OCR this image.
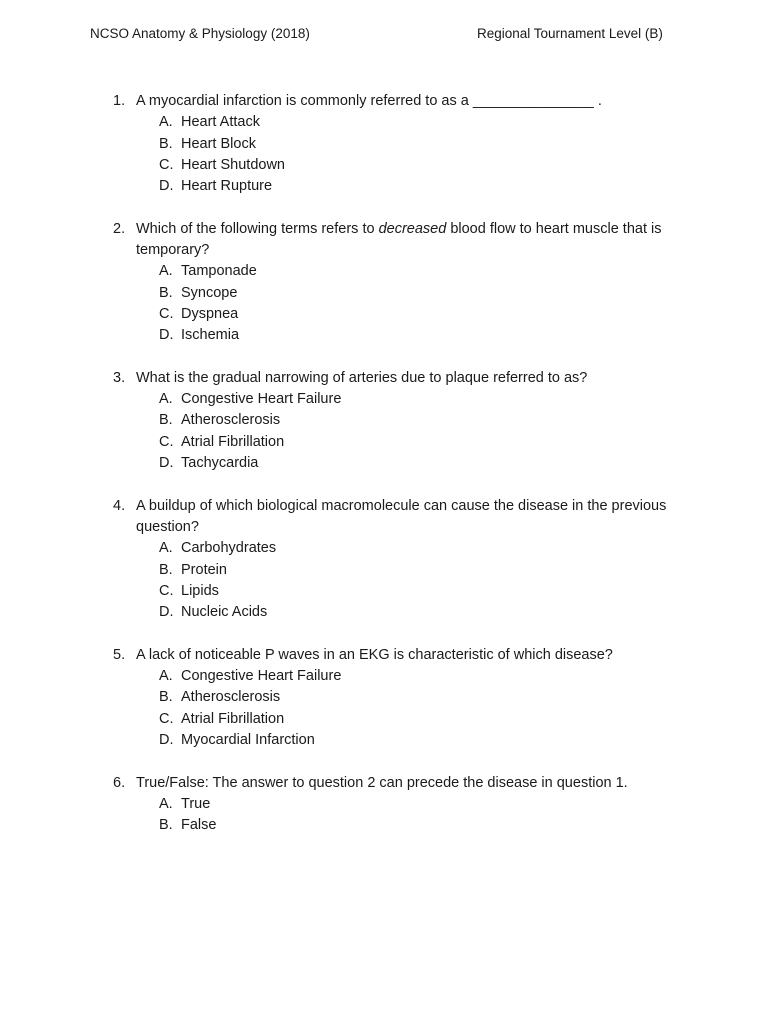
NCSO Anatomy & Physiology (2018)	Regional Tournament Level (B)
1. A myocardial infarction is commonly referred to as a _______________ .
A. Heart Attack
B. Heart Block
C. Heart Shutdown
D. Heart Rupture
2. Which of the following terms refers to decreased blood flow to heart muscle that is temporary?
A. Tamponade
B. Syncope
C. Dyspnea
D. Ischemia
3. What is the gradual narrowing of arteries due to plaque referred to as?
A. Congestive Heart Failure
B. Atherosclerosis
C. Atrial Fibrillation
D. Tachycardia
4. A buildup of which biological macromolecule can cause the disease in the previous question?
A. Carbohydrates
B. Protein
C. Lipids
D. Nucleic Acids
5. A lack of noticeable P waves in an EKG is characteristic of which disease?
A. Congestive Heart Failure
B. Atherosclerosis
C. Atrial Fibrillation
D. Myocardial Infarction
6. True/False: The answer to question 2 can precede the disease in question 1.
A. True
B. False
